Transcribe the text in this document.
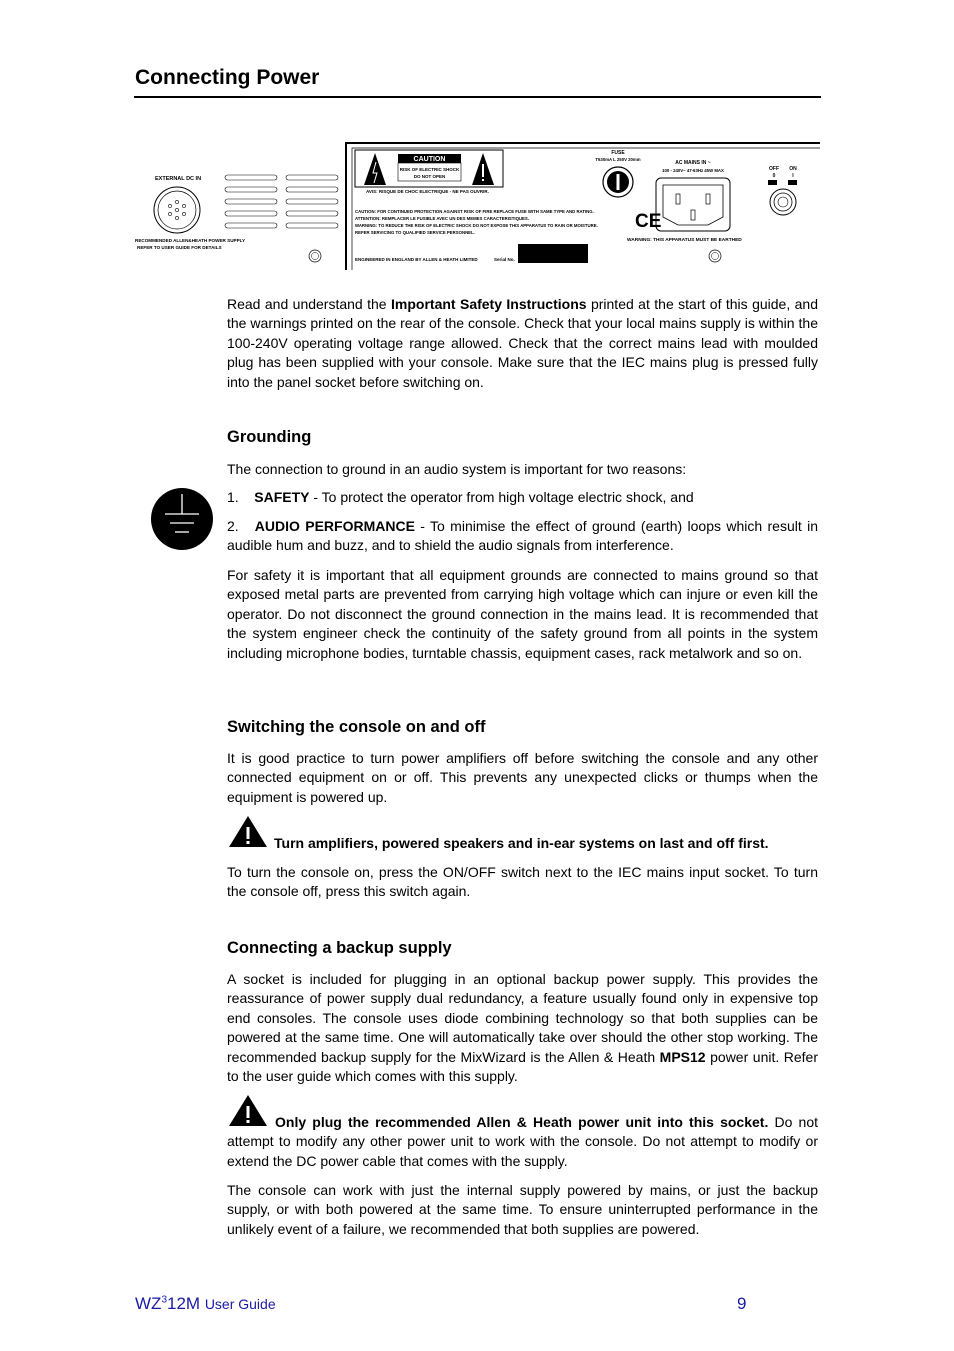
Connecting Power
EXTERNAL DC IN
RECOMMENDED ALLEN&HEATH POWER SUPPLY
REFER TO USER GUIDE FOR DETAILS
CAUTION
RISK OF ELECTRIC SHOCK
DO NOT OPEN
AVIS: RISQUE DE CHOC ELECTRIQUE - NE PAS OUVRIR.
CAUTION: FOR CONTINUED PROTECTION AGAINST RISK OF FIRE REPLACE FUSE WITH SAME TYPE AND RATING.
ATTENTION: REMPLACER LE FUSIBLE AVEC UN DES MEMES CARACTERISTIQUES.
WARNING: TO REDUCE THE RISK OF ELECTRIC SHOCK DO NOT EXPOSE THIS APPARATUS TO RAIN OR MOISTURE.
REFER SERVICING TO QUALIFIED SERVICE PERSONNEL.
ENGINEERED IN ENGLAND BY ALLEN & HEATH LIMITED	Serial No.
FUSE
T630mA L 250V 20mm
CE
AC MAINS IN ~
100 - 240V~ 47-63Hz 45W MAX
WARNING: THIS APPARATUS MUST BE EARTHED
OFF
0
ON
I

Read and understand the Important Safety Instructions printed at the start of this guide, and the warnings printed on the rear of the console. Check that your local mains supply is within the 100-240V operating voltage range allowed. Check that the correct mains lead with moulded plug has been supplied with your console. Make sure that the IEC mains plug is pressed fully into the panel socket before switching on.

Grounding

The connection to ground in an audio system is important for two reasons:

1. SAFETY - To protect the operator from high voltage electric shock, and

2. AUDIO PERFORMANCE - To minimise the effect of ground (earth) loops which result in audible hum and buzz, and to shield the audio signals from interference.

For safety it is important that all equipment grounds are connected to mains ground so that exposed metal parts are prevented from carrying high voltage which can injure or even kill the operator. Do not disconnect the ground connection in the mains lead. It is recommended that the system engineer check the continuity of the safety ground from all points in the system including microphone bodies, turntable chassis, equipment cases, rack metalwork and so on.

Switching the console on and off

It is good practice to turn power amplifiers off before switching the console and any other connected equipment on or off. This prevents any unexpected clicks or thumps when the equipment is powered up.

Turn amplifiers, powered speakers and in-ear systems on last and off first.

To turn the console on, press the ON/OFF switch next to the IEC mains input socket. To turn the console off, press this switch again.

Connecting a backup supply

A socket is included for plugging in an optional backup power supply. This provides the reassurance of power supply dual redundancy, a feature usually found only in expensive top end consoles. The console uses diode combining technology so that both supplies can be powered at the same time. One will automatically take over should the other stop working. The recommended backup supply for the MixWizard is the Allen & Heath MPS12 power unit. Refer to the user guide which comes with this supply.

Only plug the recommended Allen & Heath power unit into this socket. Do not attempt to modify any other power unit to work with the console. Do not attempt to modify or extend the DC power cable that comes with the supply.

The console can work with just the internal supply powered by mains, or just the backup supply, or with both powered at the same time. To ensure uninterrupted performance in the unlikely event of a failure, we recommended that both supplies are powered.

$WZ^312M$ User Guide	9
